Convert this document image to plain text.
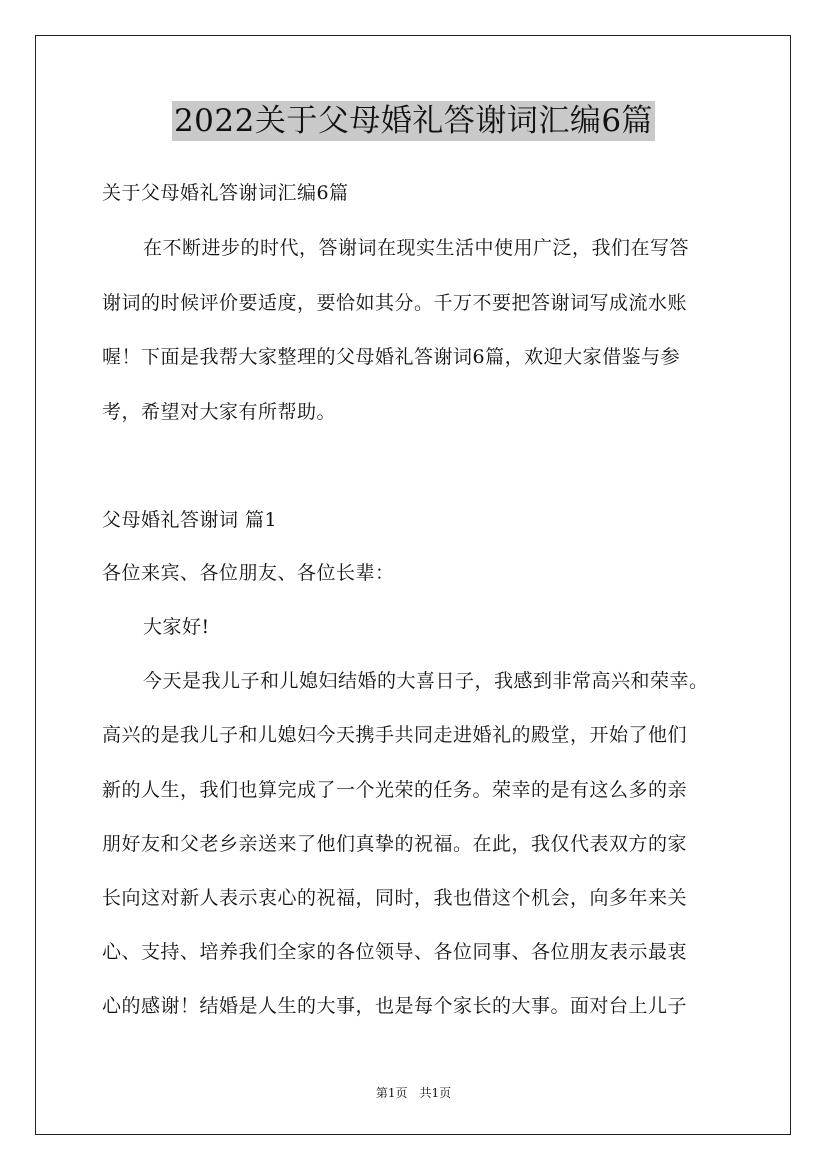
2022关于父母婚礼答谢词汇编6篇
关于父母婚礼答谢词汇编6篇
在不断进步的时代，答谢词在现实生活中使用广泛，我们在写答
谢词的时候评价要适度，要恰如其分。千万不要把答谢词写成流水账
喔！下面是我帮大家整理的父母婚礼答谢词6篇，欢迎大家借鉴与参
考，希望对大家有所帮助。
父母婚礼答谢词 篇1
各位来宾、各位朋友、各位长辈：
大家好!
今天是我儿子和儿媳妇结婚的大喜日子，我感到非常高兴和荣幸。
高兴的是我儿子和儿媳妇今天携手共同走进婚礼的殿堂，开始了他们
新的人生，我们也算完成了一个光荣的任务。荣幸的是有这么多的亲
朋好友和父老乡亲送来了他们真挚的祝福。在此，我仅代表双方的家
长向这对新人表示衷心的祝福，同时，我也借这个机会，向多年来关
心、支持、培养我们全家的各位领导、各位同事、各位朋友表示最衷
心的感谢！结婚是人生的大事，也是每个家长的大事。面对台上儿子
第1页　共1页
